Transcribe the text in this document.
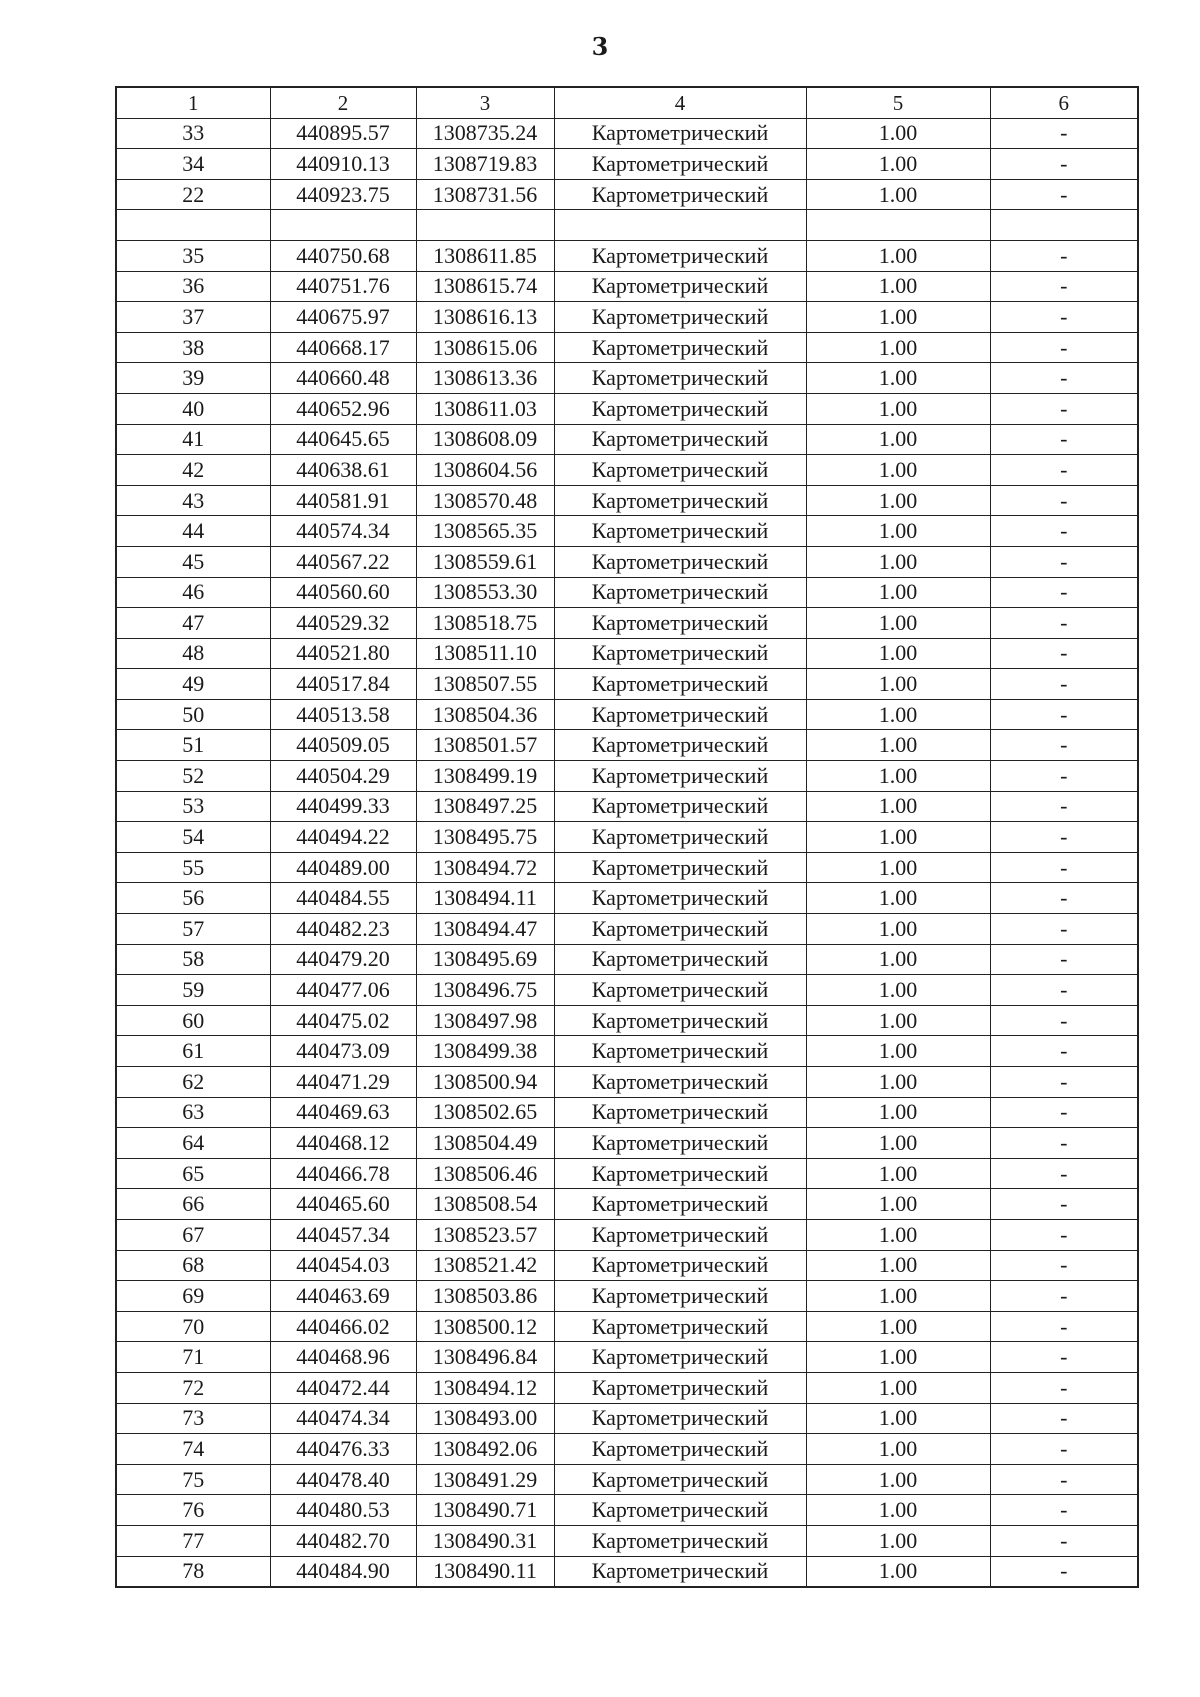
3
1	2	3	4	5	6
33	440895.57	1308735.24	Картометрический	1.00	-
34	440910.13	1308719.83	Картометрический	1.00	-
22	440923.75	1308731.56	Картометрический	1.00	-

35	440750.68	1308611.85	Картометрический	1.00	-
36	440751.76	1308615.74	Картометрический	1.00	-
37	440675.97	1308616.13	Картометрический	1.00	-
38	440668.17	1308615.06	Картометрический	1.00	-
39	440660.48	1308613.36	Картометрический	1.00	-
40	440652.96	1308611.03	Картометрический	1.00	-
41	440645.65	1308608.09	Картометрический	1.00	-
42	440638.61	1308604.56	Картометрический	1.00	-
43	440581.91	1308570.48	Картометрический	1.00	-
44	440574.34	1308565.35	Картометрический	1.00	-
45	440567.22	1308559.61	Картометрический	1.00	-
46	440560.60	1308553.30	Картометрический	1.00	-
47	440529.32	1308518.75	Картометрический	1.00	-
48	440521.80	1308511.10	Картометрический	1.00	-
49	440517.84	1308507.55	Картометрический	1.00	-
50	440513.58	1308504.36	Картометрический	1.00	-
51	440509.05	1308501.57	Картометрический	1.00	-
52	440504.29	1308499.19	Картометрический	1.00	-
53	440499.33	1308497.25	Картометрический	1.00	-
54	440494.22	1308495.75	Картометрический	1.00	-
55	440489.00	1308494.72	Картометрический	1.00	-
56	440484.55	1308494.11	Картометрический	1.00	-
57	440482.23	1308494.47	Картометрический	1.00	-
58	440479.20	1308495.69	Картометрический	1.00	-
59	440477.06	1308496.75	Картометрический	1.00	-
60	440475.02	1308497.98	Картометрический	1.00	-
61	440473.09	1308499.38	Картометрический	1.00	-
62	440471.29	1308500.94	Картометрический	1.00	-
63	440469.63	1308502.65	Картометрический	1.00	-
64	440468.12	1308504.49	Картометрический	1.00	-
65	440466.78	1308506.46	Картометрический	1.00	-
66	440465.60	1308508.54	Картометрический	1.00	-
67	440457.34	1308523.57	Картометрический	1.00	-
68	440454.03	1308521.42	Картометрический	1.00	-
69	440463.69	1308503.86	Картометрический	1.00	-
70	440466.02	1308500.12	Картометрический	1.00	-
71	440468.96	1308496.84	Картометрический	1.00	-
72	440472.44	1308494.12	Картометрический	1.00	-
73	440474.34	1308493.00	Картометрический	1.00	-
74	440476.33	1308492.06	Картометрический	1.00	-
75	440478.40	1308491.29	Картометрический	1.00	-
76	440480.53	1308490.71	Картометрический	1.00	-
77	440482.70	1308490.31	Картометрический	1.00	-
78	440484.90	1308490.11	Картометрический	1.00	-
